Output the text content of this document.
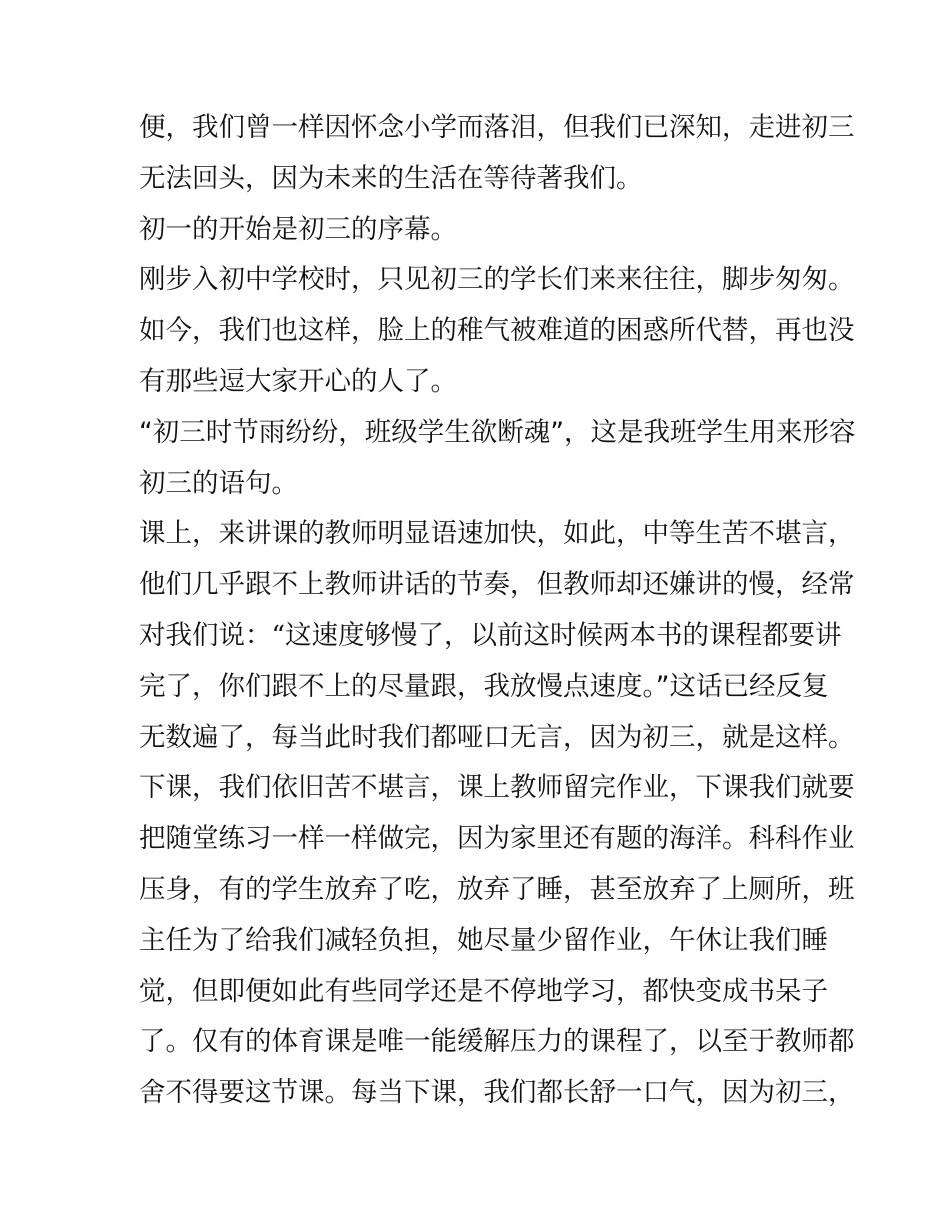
便，我们曾一样因怀念小学而落泪，但我们已深知，走进初三
无法回头，因为未来的生活在等待著我们。
初一的开始是初三的序幕。
刚步入初中学校时，只见初三的学长们来来往往，脚步匆匆。
如今，我们也这样，脸上的稚气被难道的困惑所代替，再也没
有那些逗大家开心的人了。
“初三时节雨纷纷，班级学生欲断魂”，这是我班学生用来形容
初三的语句。
课上，来讲课的教师明显语速加快，如此，中等生苦不堪言，
他们几乎跟不上教师讲话的节奏，但教师却还嫌讲的慢，经常
对我们说：“这速度够慢了，以前这时候两本书的课程都要讲
完了，你们跟不上的尽量跟，我放慢点速度。”这话已经反复
无数遍了，每当此时我们都哑口无言，因为初三，就是这样。
下课，我们依旧苦不堪言，课上教师留完作业，下课我们就要
把随堂练习一样一样做完，因为家里还有题的海洋。科科作业
压身，有的学生放弃了吃，放弃了睡，甚至放弃了上厕所，班
主任为了给我们减轻负担，她尽量少留作业，午休让我们睡
觉，但即便如此有些同学还是不停地学习，都快变成书呆子
了。仅有的体育课是唯一能缓解压力的课程了，以至于教师都
舍不得要这节课。每当下课，我们都长舒一口气，因为初三，
